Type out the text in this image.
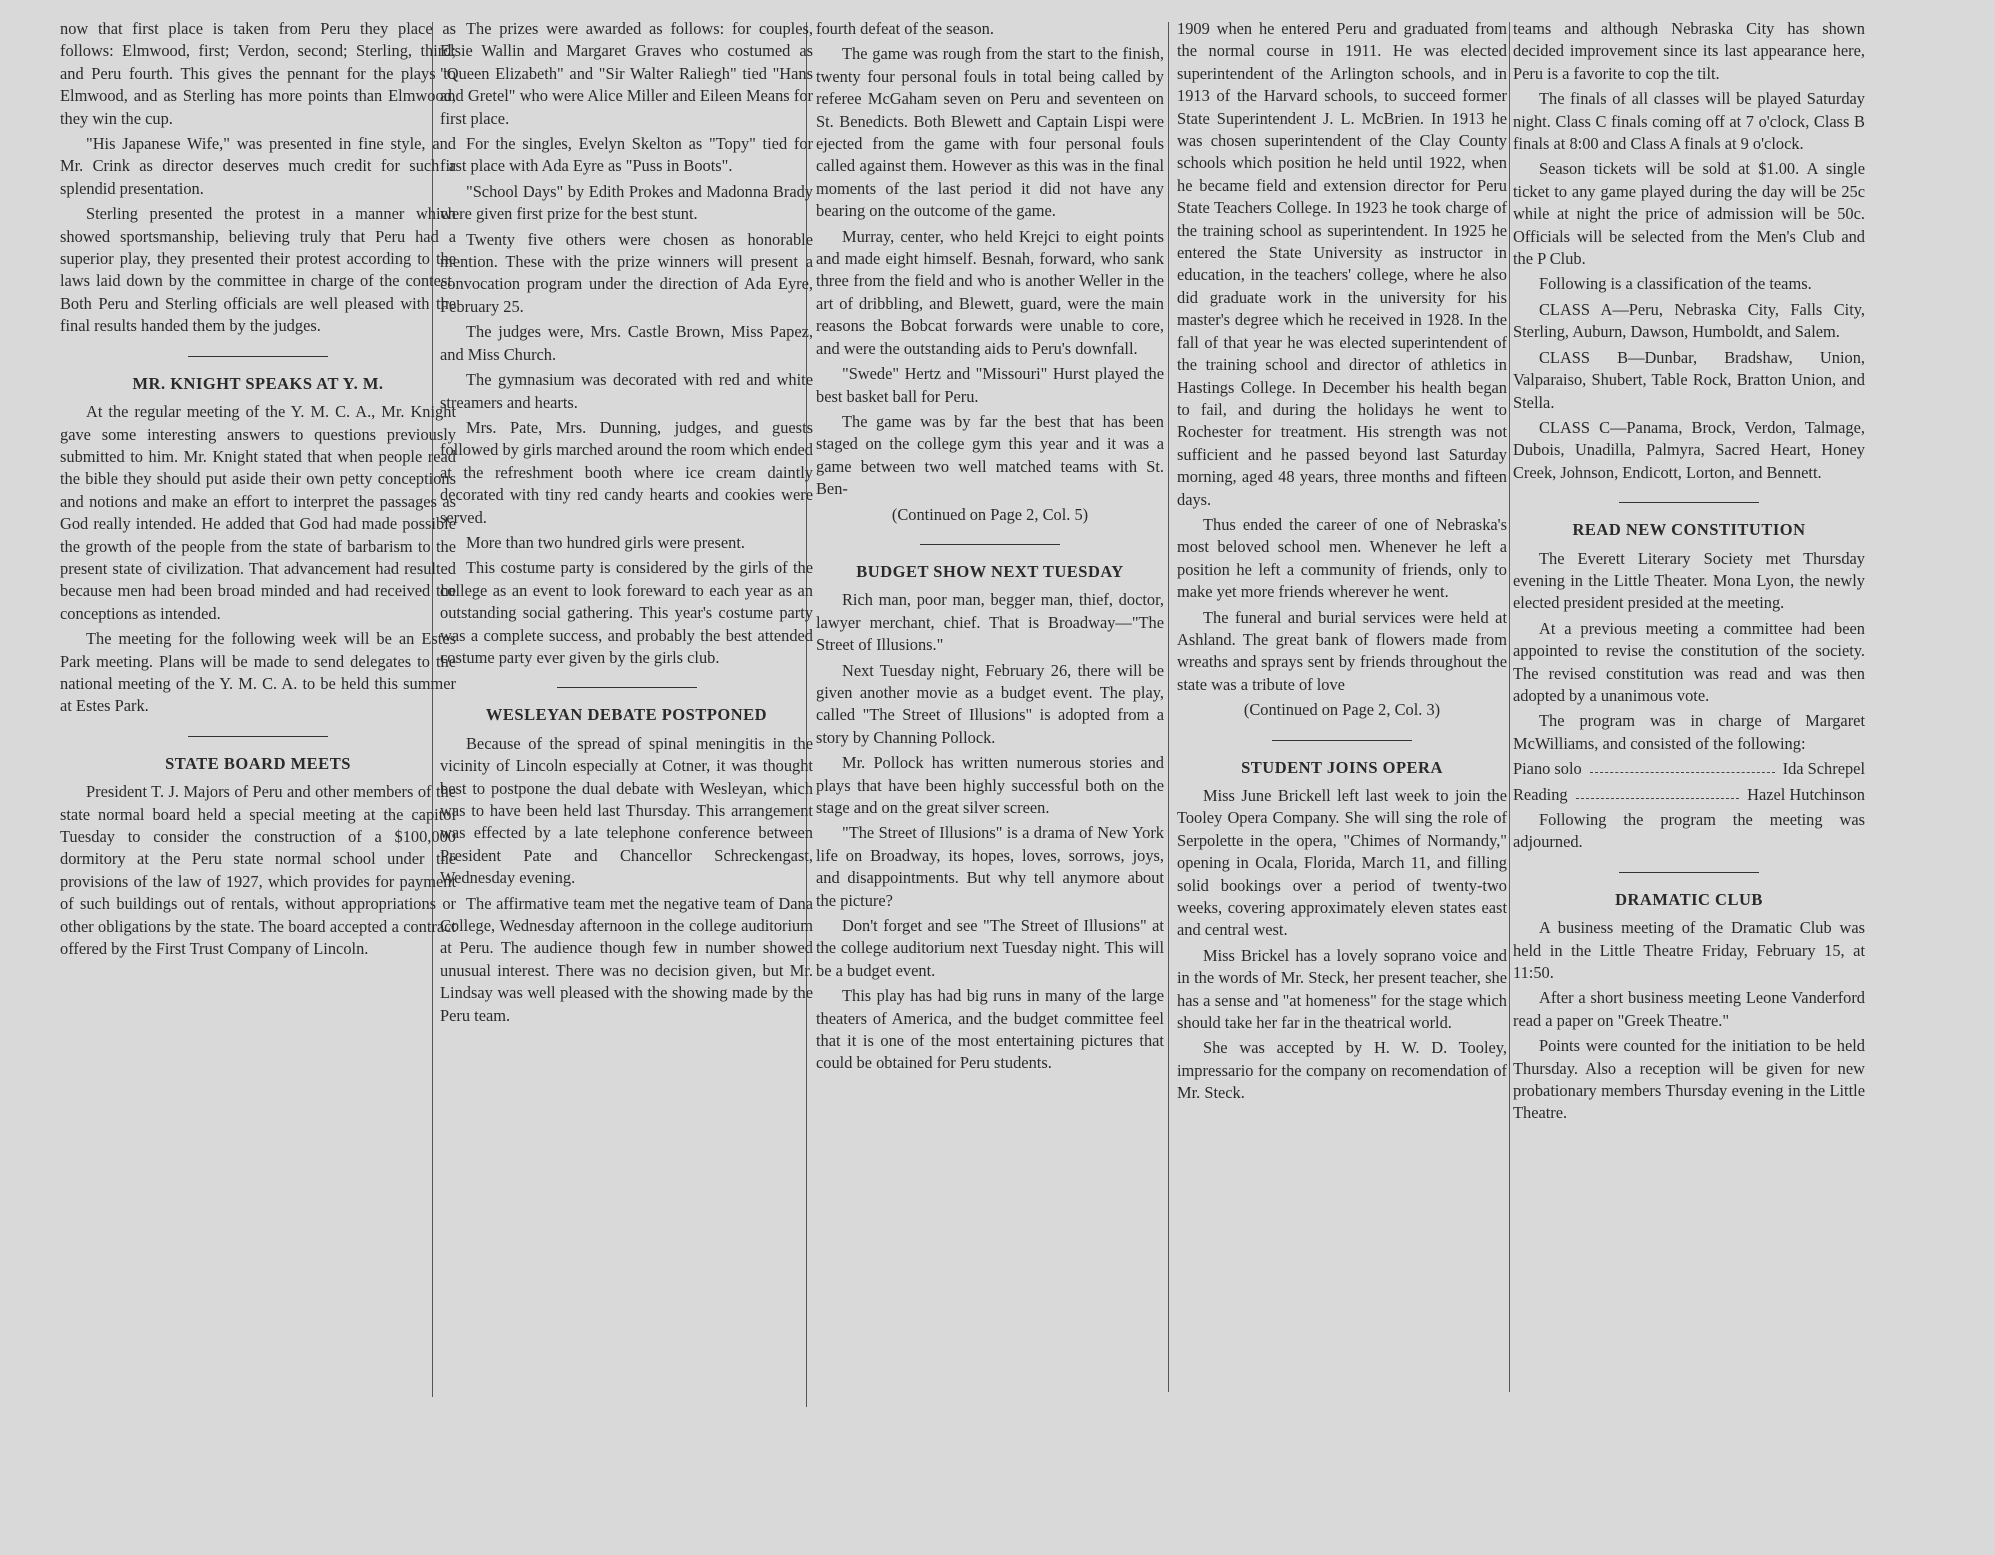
now that first place is taken from Peru they place as follows: Elmwood, first; Verdon, second; Sterling, third; and Peru fourth. This gives the pennant for the plays to Elmwood, and as Sterling has more points than Elmwood, they win the cup.

"His Japanese Wife," was presented in fine style, and Mr. Crink as director deserves much credit for such a splendid presentation.

Sterling presented the protest in a manner which showed sportsmanship, believing truly that Peru had a superior play, they presented their protest according to the laws laid down by the committee in charge of the contest. Both Peru and Sterling officials are well pleased with the final results handed them by the judges.

MR. KNIGHT SPEAKS AT Y. M.

At the regular meeting of the Y. M. C. A., Mr. Knight gave some interesting answers to questions previously submitted to him. Mr. Knight stated that when people read the bible they should put aside their own petty conceptions and notions and make an effort to interpret the passages as God really intended. He added that God had made possible the growth of the people from the state of barbarism to the present state of civilization. That advancement had resulted because men had been broad minded and had received the conceptions as intended.

The meeting for the following week will be an Estes Park meeting. Plans will be made to send delegates to the national meeting of the Y. M. C. A. to be held this summer at Estes Park.

STATE BOARD MEETS

President T. J. Majors of Peru and other members of the state normal board held a special meeting at the capitol Tuesday to consider the construction of a $100,000 dormitory at the Peru state normal school under the provisions of the law of 1927, which provides for payment of such buildings out of rentals, without appropriations or other obligations by the state. The board accepted a contract offered by the First Trust Company of Lincoln.

The prizes were awarded as follows: for couples, Elsie Wallin and Margaret Graves who costumed as "Queen Elizabeth" and "Sir Walter Raliegh" tied "Hans and Gretel" who were Alice Miller and Eileen Means for first place.

For the singles, Evelyn Skelton as "Topy" tied for first place with Ada Eyre as "Puss in Boots".

"School Days" by Edith Prokes and Madonna Brady were given first prize for the best stunt.

Twenty five others were chosen as honorable mention. These with the prize winners will present a convocation program under the direction of Ada Eyre, February 25.

The judges were, Mrs. Castle Brown, Miss Papez, and Miss Church.

The gymnasium was decorated with red and white streamers and hearts.

Mrs. Pate, Mrs. Dunning, judges, and guests followed by girls marched around the room which ended at the refreshment booth where ice cream daintly decorated with tiny red candy hearts and cookies were served.

More than two hundred girls were present.

This costume party is considered by the girls of the college as an event to look foreward to each year as an outstanding social gathering. This year's costume party was a complete success, and probably the best attended costume party ever given by the girls club.

WESLEYAN DEBATE POSTPONED

Because of the spread of spinal meningitis in the vicinity of Lincoln especially at Cotner, it was thought best to postpone the dual debate with Wesleyan, which was to have been held last Thursday. This arrangement was effected by a late telephone conference between President Pate and Chancellor Schreckengast, Wednesday evening.

The affirmative team met the negative team of Dana College, Wednesday afternoon in the college auditorium at Peru. The audience though few in number showed unusual interest. There was no decision given, but Mr. Lindsay was well pleased with the showing made by the Peru team.

fourth defeat of the season.

The game was rough from the start to the finish, twenty four personal fouls in total being called by referee McGaham seven on Peru and seventeen on St. Benedicts. Both Blewett and Captain Lispi were ejected from the game with four personal fouls called against them. However as this was in the final moments of the last period it did not have any bearing on the outcome of the game.

Murray, center, who held Krejci to eight points and made eight himself. Besnah, forward, who sank three from the field and who is another Weller in the art of dribbling, and Blewett, guard, were the main reasons the Bobcat forwards were unable to core, and were the outstanding aids to Peru's downfall.

"Swede" Hertz and "Missouri" Hurst played the best basket ball for Peru.

The game was by far the best that has been staged on the college gym this year and it was a game between two well matched teams with St. Ben-

(Continued on Page 2, Col. 5)

BUDGET SHOW NEXT TUESDAY

Rich man, poor man, begger man, thief, doctor, lawyer merchant, chief. That is Broadway—"The Street of Illusions."

Next Tuesday night, February 26, there will be given another movie as a budget event. The play, called "The Street of Illusions" is adopted from a story by Channing Pollock.

Mr. Pollock has written numerous stories and plays that have been highly successful both on the stage and on the great silver screen.

"The Street of Illusions" is a drama of New York life on Broadway, its hopes, loves, sorrows, joys, and disappointments. But why tell anymore about the picture?

Don't forget and see "The Street of Illusions" at the college auditorium next Tuesday night. This will be a budget event.

This play has had big runs in many of the large theaters of America, and the budget committee feel that it is one of the most entertaining pictures that could be obtained for Peru students.

1909 when he entered Peru and graduated from the normal course in 1911. He was elected superintendent of the Arlington schools, and in 1913 of the Harvard schools, to succeed former State Superintendent J. L. McBrien. In 1913 he was chosen superintendent of the Clay County schools which position he held until 1922, when he became field and extension director for Peru State Teachers College. In 1923 he took charge of the training school as superintendent. In 1925 he entered the State University as instructor in education, in the teachers' college, where he also did graduate work in the university for his master's degree which he received in 1928. In the fall of that year he was elected superintendent of the training school and director of athletics in Hastings College. In December his health began to fail, and during the holidays he went to Rochester for treatment. His strength was not sufficient and he passed beyond last Saturday morning, aged 48 years, three months and fifteen days.

Thus ended the career of one of Nebraska's most beloved school men. Whenever he left a position he left a community of friends, only to make yet more friends wherever he went.

The funeral and burial services were held at Ashland. The great bank of flowers made from wreaths and sprays sent by friends throughout the state was a tribute of love

(Continued on Page 2, Col. 3)

STUDENT JOINS OPERA

Miss June Brickell left last week to join the Tooley Opera Company. She will sing the role of Serpolette in the opera, "Chimes of Normandy," opening in Ocala, Florida, March 11, and filling solid bookings over a period of twenty-two weeks, covering approximately eleven states east and central west.

Miss Brickel has a lovely soprano voice and in the words of Mr. Steck, her present teacher, she has a sense and "at homeness" for the stage which should take her far in the theatrical world.

She was accepted by H. W. D. Tooley, impressario for the company on recomendation of Mr. Steck.

teams and although Nebraska City has shown decided improvement since its last appearance here, Peru is a favorite to cop the tilt.

The finals of all classes will be played Saturday night. Class C finals coming off at 7 o'clock, Class B finals at 8:00 and Class A finals at 9 o'clock.

Season tickets will be sold at $1.00. A single ticket to any game played during the day will be 25c while at night the price of admission will be 50c. Officials will be selected from the Men's Club and the P Club.

Following is a classification of the teams.

CLASS A—Peru, Nebraska City, Falls City, Sterling, Auburn, Dawson, Humboldt, and Salem.

CLASS B—Dunbar, Bradshaw, Union, Valparaiso, Shubert, Table Rock, Bratton Union, and Stella.

CLASS C—Panama, Brock, Verdon, Talmage, Dubois, Unadilla, Palmyra, Sacred Heart, Honey Creek, Johnson, Endicott, Lorton, and Bennett.

READ NEW CONSTITUTION

The Everett Literary Society met Thursday evening in the Little Theater. Mona Lyon, the newly elected president presided at the meeting.

At a previous meeting a committee had been appointed to revise the constitution of the society. The revised constitution was read and was then adopted by a unanimous vote.

The program was in charge of Margaret McWilliams, and consisted of the following:

Piano solo	Ida Schrepel

Reading	Hazel Hutchinson

Following the program the meeting was adjourned.

DRAMATIC CLUB

A business meeting of the Dramatic Club was held in the Little Theatre Friday, February 15, at 11:50.

After a short business meeting Leone Vanderford read a paper on "Greek Theatre."

Points were counted for the initiation to be held Thursday. Also a reception will be given for new probationary members Thursday evening in the Little Theatre.
